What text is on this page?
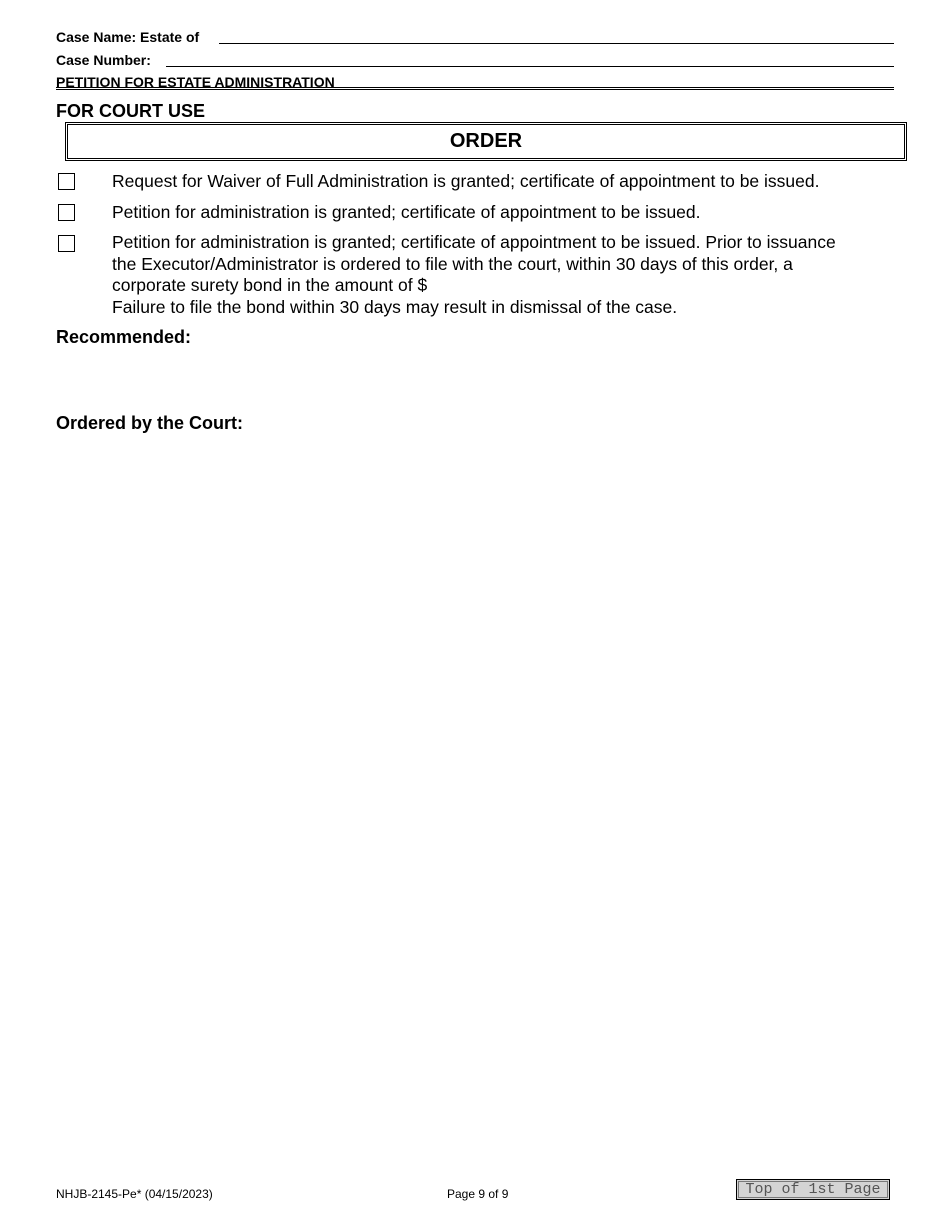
Case Name: Estate of
Case Number:
PETITION FOR ESTATE ADMINISTRATION
FOR COURT USE
ORDER
Request for Waiver of Full Administration is granted; certificate of appointment to be issued.
Petition for administration is granted; certificate of appointment to be issued.
Petition for administration is granted; certificate of appointment to be issued. Prior to issuance
the Executor/Administrator is ordered to file with the court, within 30 days of this order, a
corporate surety bond in the amount of $
Failure to file the bond within 30 days may result in dismissal of the case.
Recommended:
Ordered by the Court:
NHJB-2145-Pe* (04/15/2023)	Page 9 of 9	Top of 1st Page
